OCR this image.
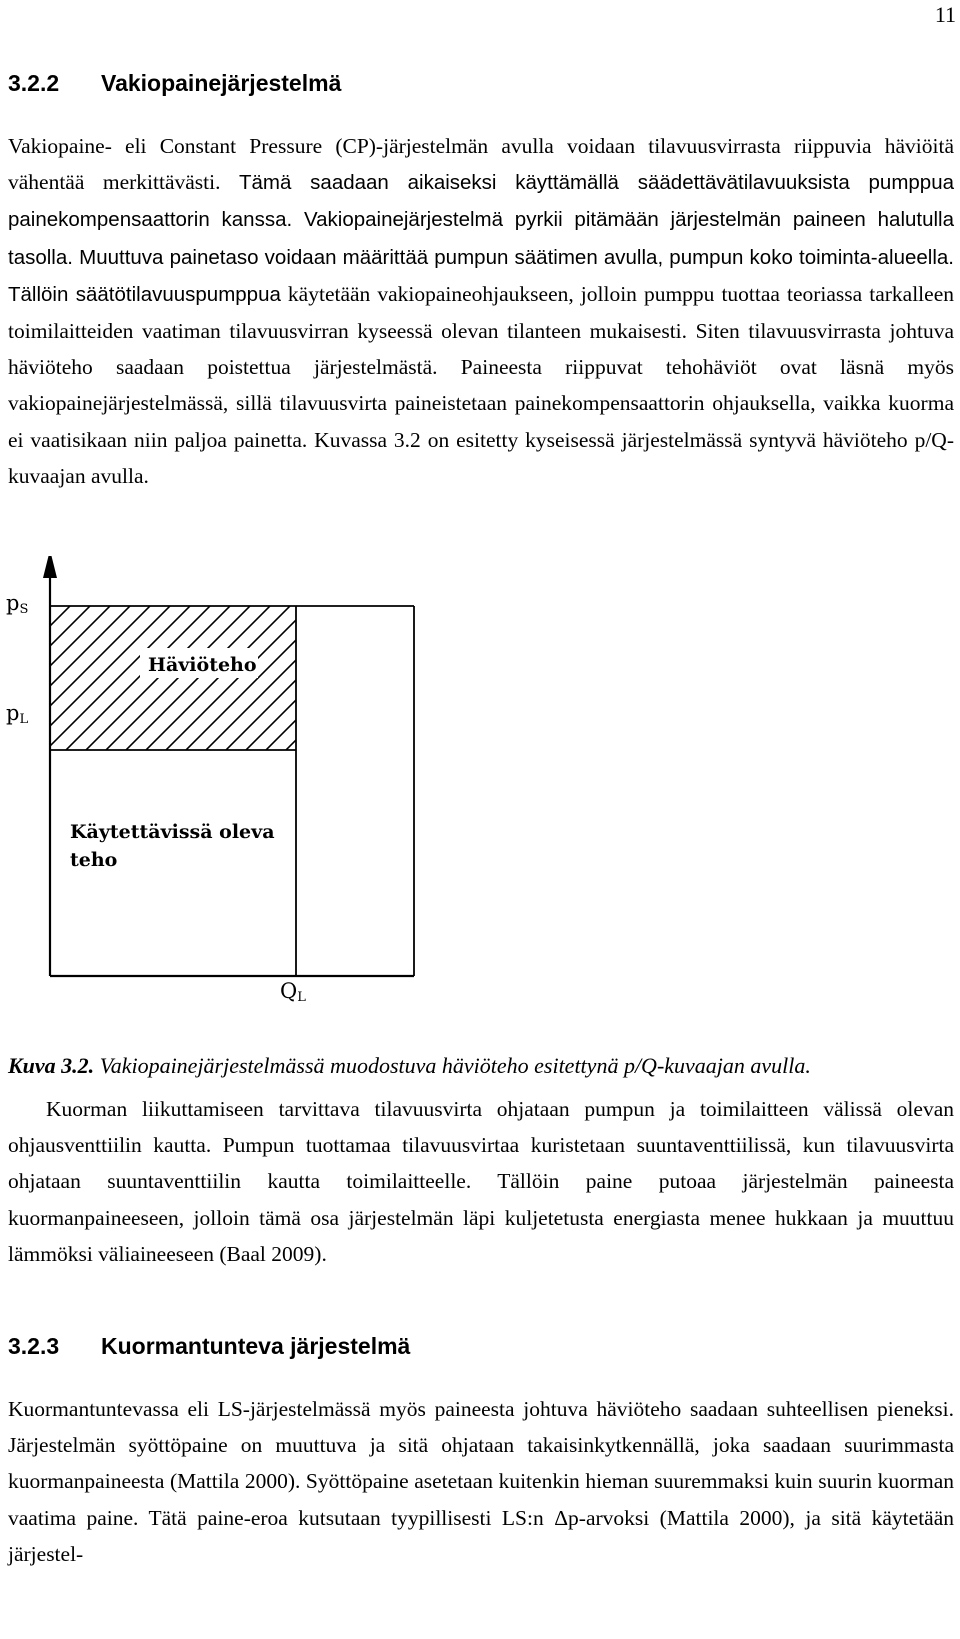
11
3.2.2 Vakiopainejärjestelmä

Vakiopaine- eli Constant Pressure (CP)-järjestelmän avulla voidaan tilavuusvirrasta riippuvia häviöitä vähentää merkittävästi. Tämä saadaan aikaiseksi käyttämällä säädettävätilavuuksista pumppua painekompensaattorin kanssa. Vakiopainejärjestelmä pyrkii pitämään järjestelmän paineen halutulla tasolla. Muuttuva painetaso voidaan määrittää pumpun säätimen avulla, pumpun koko toiminta-alueella. Tällöin säätötilavuuspumppua käytetään vakiopaineohjaukseen, jolloin pumppu tuottaa teoriassa tarkalleen toimilaitteiden vaatiman tilavuusvirran kyseessä olevan tilanteen mukaisesti. Siten tilavuusvirrasta johtuva häviöteho saadaan poistettua järjestelmästä. Paineesta riippuvat tehohäviöt ovat läsnä myös vakiopainejärjestelmässä, sillä tilavuusvirta paineistetaan painekompensaattorin ohjauksella, vaikka kuorma ei vaatisikaan niin paljoa painetta. Kuvassa 3.2 on esitetty kyseisessä järjestelmässä syntyvä häviöteho p/Q-kuvaajan avulla.

Häviöteho
Käytettävissä oleva
teho
pS
pL
QL

Kuva 3.2. Vakiopainejärjestelmässä muodostuva häviöteho esitettynä p/Q-kuvaajan avulla.

Kuorman liikuttamiseen tarvittava tilavuusvirta ohjataan pumpun ja toimilaitteen välissä olevan ohjausventtiilin kautta. Pumpun tuottamaa tilavuusvirtaa kuristetaan suuntaventtiilissä, kun tilavuusvirta ohjataan suuntaventtiilin kautta toimilaitteelle. Tällöin paine putoaa järjestelmän paineesta kuormanpaineeseen, jolloin tämä osa järjestelmän läpi kuljetetusta energiasta menee hukkaan ja muuttuu lämmöksi väliaineeseen (Baal 2009).

3.2.3 Kuormantunteva järjestelmä

Kuormantuntevassa eli LS-järjestelmässä myös paineesta johtuva häviöteho saadaan suhteellisen pieneksi. Järjestelmän syöttöpaine on muuttuva ja sitä ohjataan takaisinkytkennällä, joka saadaan suurimmasta kuormanpaineesta (Mattila 2000). Syöttöpaine asetetaan kuitenkin hieman suuremmaksi kuin suurin kuorman vaatima paine. Tätä paine-eroa kutsutaan tyypillisesti LS:n Δp-arvoksi (Mattila 2000), ja sitä käytetään järjestel-
